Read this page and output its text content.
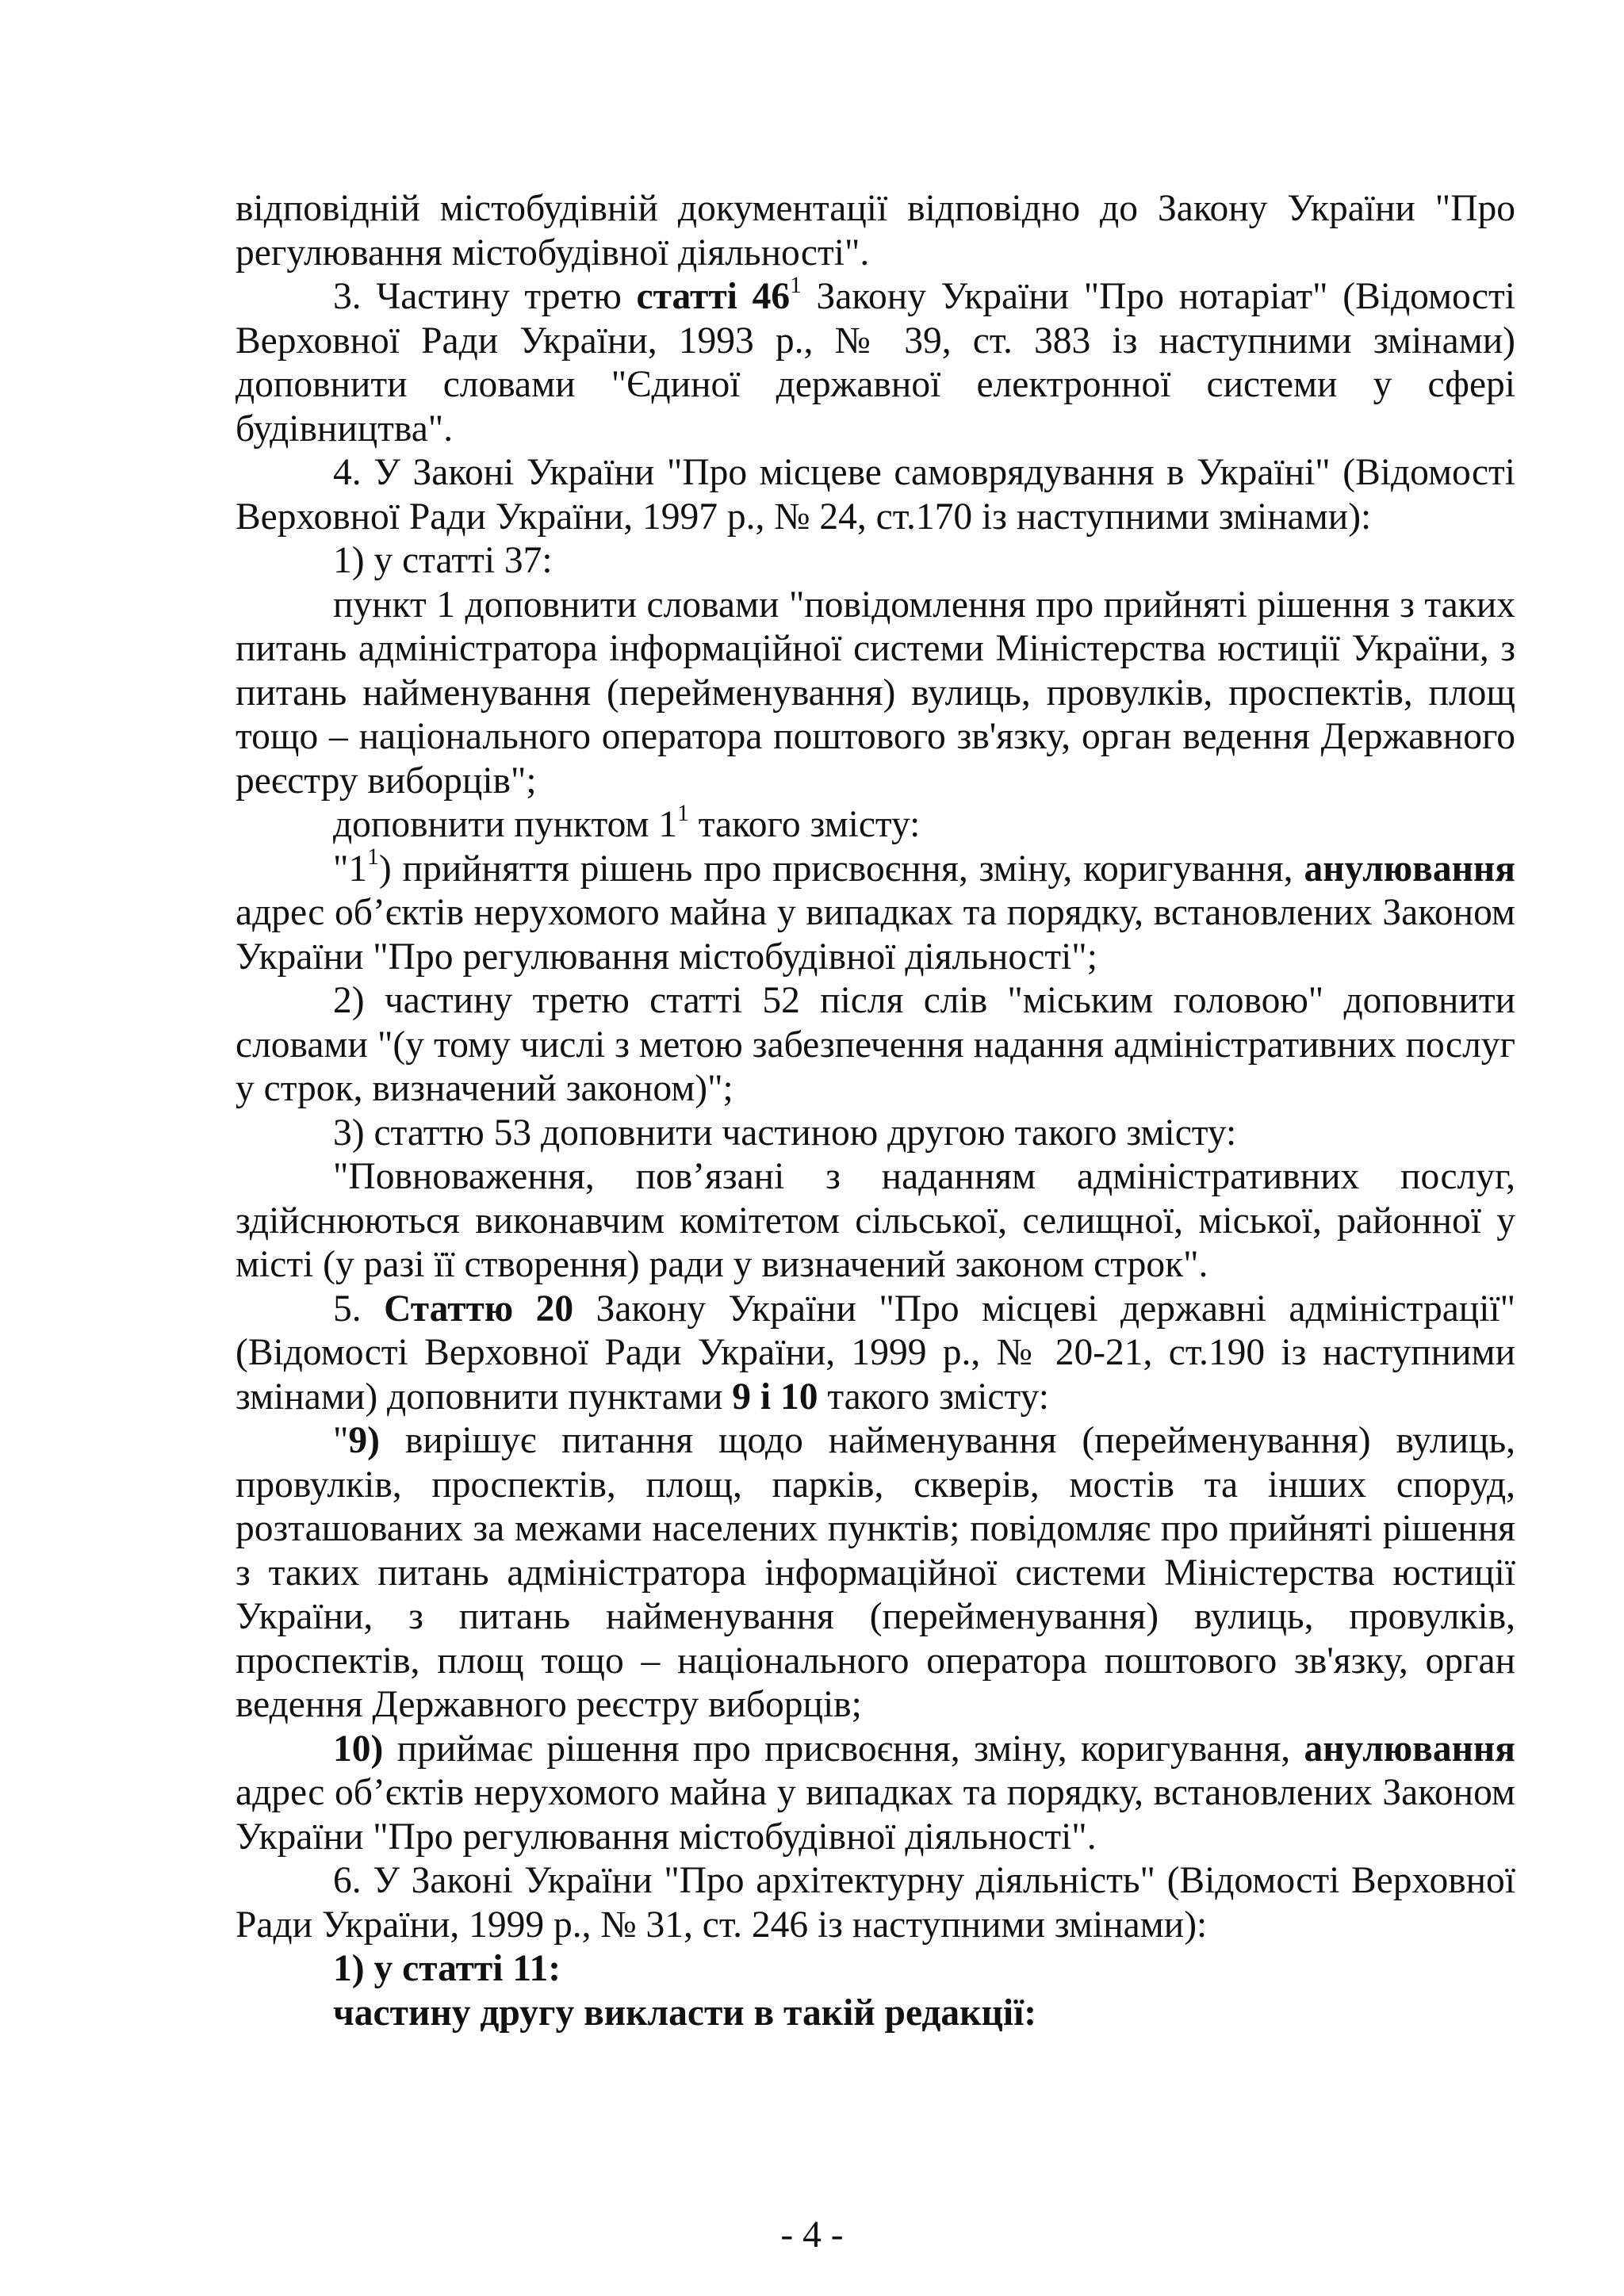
відповідній містобудівній документації відповідно до Закону України "Про регулювання містобудівної діяльності".

3. Частину третю статті $46^1$ Закону України "Про нотаріат" (Відомості Верховної Ради України, 1993 р., № 39, ст. 383 із наступними змінами) доповнити словами "Єдиної державної електронної системи у сфері будівництва".

4. У Законі України "Про місцеве самоврядування в Україні" (Відомості Верховної Ради України, 1997 р., № 24, ст.170 із наступними змінами):

1) у статті 37:

пункт 1 доповнити словами "повідомлення про прийняті рішення з таких питань адміністратора інформаційної системи Міністерства юстиції України, з питань найменування (перейменування) вулиць, провулків, проспектів, площ тощо – національного оператора поштового зв'язку, орган ведення Державного реєстру виборців";

доповнити пунктом $1^1$ такого змісту:

"$1^1$) прийняття рішень про присвоєння, зміну, коригування, анулювання адрес об’єктів нерухомого майна у випадках та порядку, встановлених Законом України "Про регулювання містобудівної діяльності";

2) частину третю статті 52 після слів "міським головою" доповнити словами "(у тому числі з метою забезпечення надання адміністративних послуг у строк, визначений законом)";

3) статтю 53 доповнити частиною другою такого змісту:

"Повноваження, пов’язані з наданням адміністративних послуг, здійснюються виконавчим комітетом сільської, селищної, міської, районної у місті (у разі її створення) ради у визначений законом строк".

5. Статтю 20 Закону України "Про місцеві державні адміністрації" (Відомості Верховної Ради України, 1999 р., № 20-21, ст.190 із наступними змінами) доповнити пунктами 9 і 10 такого змісту:

"9) вирішує питання щодо найменування (перейменування) вулиць, провулків, проспектів, площ, парків, скверів, мостів та інших споруд, розташованих за межами населених пунктів; повідомляє про прийняті рішення з таких питань адміністратора інформаційної системи Міністерства юстиції України, з питань найменування (перейменування) вулиць, провулків, проспектів, площ тощо – національного оператора поштового зв'язку, орган ведення Державного реєстру виборців;

10) приймає рішення про присвоєння, зміну, коригування, анулювання адрес об’єктів нерухомого майна у випадках та порядку, встановлених Законом України "Про регулювання містобудівної діяльності".

6. У Законі України "Про архітектурну діяльність" (Відомості Верховної Ради України, 1999 р., № 31, ст. 246 із наступними змінами):

1) у статті 11:

частину другу викласти в такій редакції:

- 4 -
